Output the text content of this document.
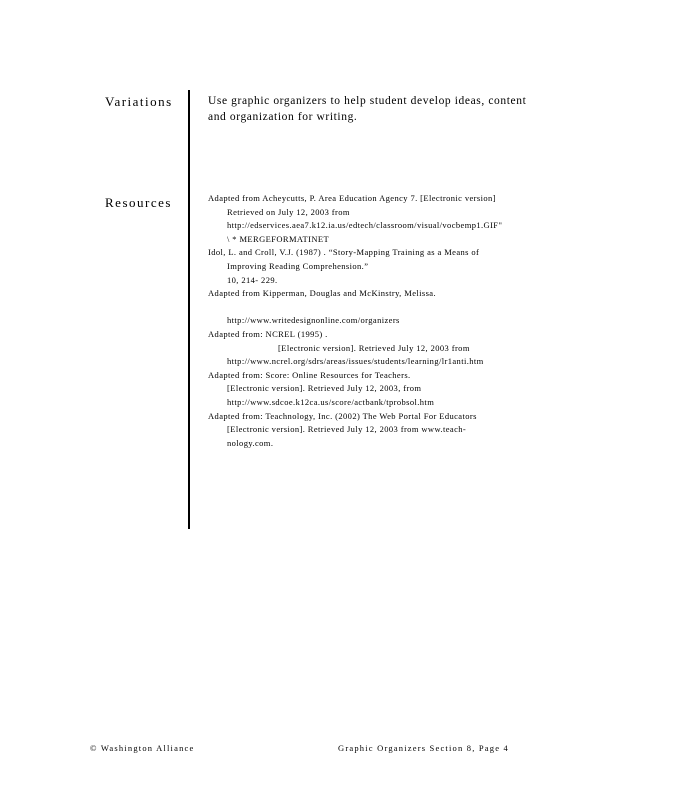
Variations
Resources
Use graphic organizers to help student develop ideas, content
and organization for writing.
Adapted from Acheycutts, P. Area Education Agency 7. [Electronic version]
Retrieved on July 12, 2003 from
http://edservices.aea7.k12.ia.us/edtech/classroom/visual/vocbemp1.GIF"
\ * MERGEFORMATINET
Idol, L. and Croll, V.J. (1987) . “Story-Mapping Training as a Means of
Improving Reading Comprehension.”
10, 214- 229.
Adapted from Kipperman, Douglas and McKinstry, Melissa.
http://www.writedesignonline.com/organizers
Adapted from: NCREL (1995) .
[Electronic version]. Retrieved July 12, 2003 from
http://www.ncrel.org/sdrs/areas/issues/students/learning/lr1anti.htm
Adapted from: Score: Online Resources for Teachers.
[Electronic version]. Retrieved July 12, 2003, from
http://www.sdcoe.k12ca.us/score/actbank/tprobsol.htm
Adapted from: Teachnology, Inc. (2002) The Web Portal For Educators
[Electronic version]. Retrieved July 12, 2003 from www.teach-
nology.com.
© Washington Alliance	Graphic Organizers Section 8, Page 4
